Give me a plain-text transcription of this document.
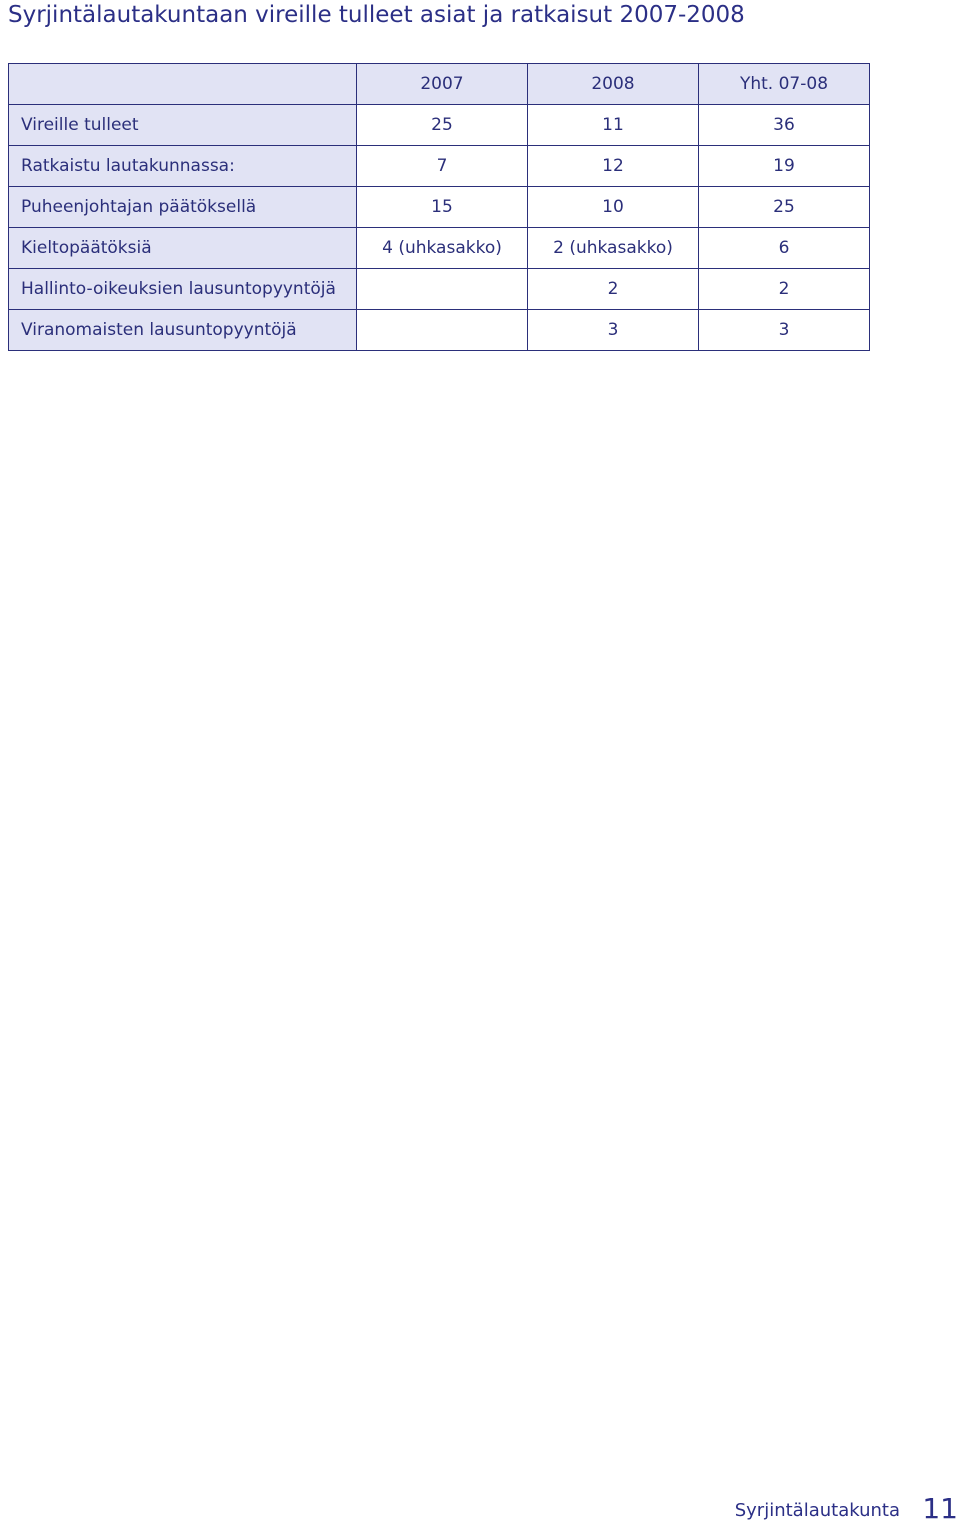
Syrjintälautakuntaan vireille tulleet asiat ja ratkaisut 2007-2008
	2007	2008	Yht. 07-08
Vireille tulleet	25	11	36
Ratkaistu lautakunnassa:	7	12	19
Puheenjohtajan päätöksellä	15	10	25
Kieltopäätöksiä	4 (uhkasakko)	2 (uhkasakko)	6
Hallinto-oikeuksien lausuntopyyntöjä		2	2
Viranomaisten lausuntopyyntöjä		3	3
Syrjintälautakunta 11
